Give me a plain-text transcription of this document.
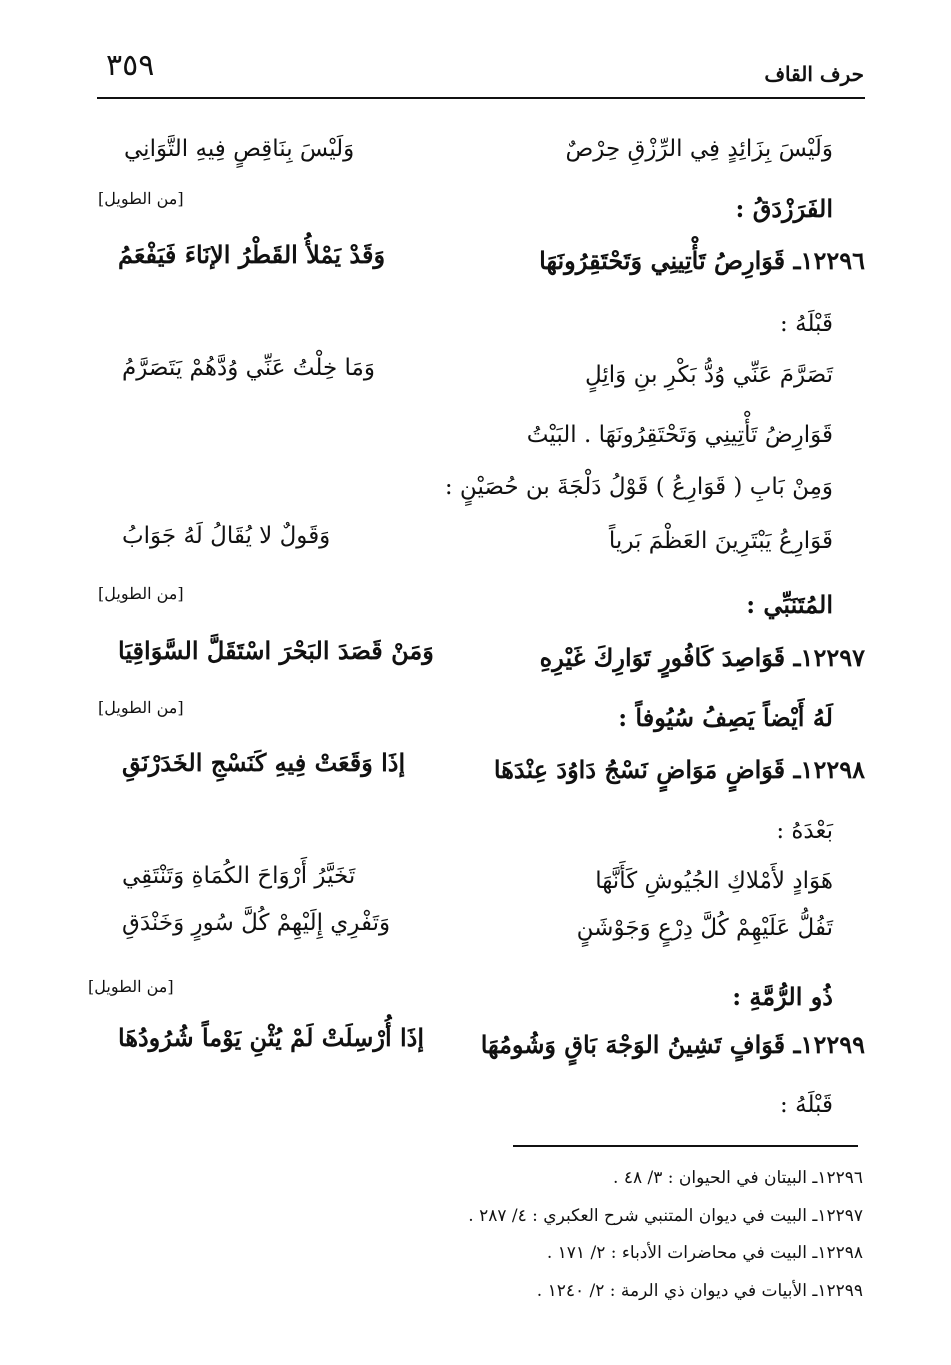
٣٥٩	حرف القاف
وَلَيْسَ بِزَائِدٍ فِي الرِّزْقِ حِرْصٌ
وَلَيْسَ بِنَاقِصٍ فِيهِ التَّوَانِي
الفَرَزْدَقُ :
[من الطويل]
١٢٢٩٦ـ قَوَارِصُ تَأْتِينِي وَتَحْتَقِرُونَهَا
وَقَدْ يَمْلأُ القَطْرُ الإنَاءَ فَيَفْعَمُ
قَبْلَهُ :
تَصَرَّمَ عَنِّي وُدُّ بَكْرِ بنِ وَائِلٍ
وَمَا خِلْتُ عَنِّي وُدَّهُمْ يَتَصَرَّمُ
قَوَارِضُ تَأْتِينِي وَتَحْتَقِرُونَهَا . البَيْتُ
وَمِنْ بَابِ ( قَوَارِعُ ) قَوْلُ دَلْجَةَ بن حُصَيْنٍ :
قَوَارِعُ يَبْتَرِينَ العَظْمَ بَرياً
وَقَولٌ لا يُقَالُ لَهُ جَوَابُ
المُتَنَبِّي :
[من الطويل]
١٢٢٩٧ـ قَوَاصِدَ كَافُورٍ تَوَارِكَ غَيْرِهِ
وَمَنْ قَصَدَ البَحْرَ اسْتَقَلَّ السَّوَاقِيَا
لَهُ أَيْضاً يَصِفُ سُيُوفاً :
[من الطويل]
١٢٢٩٨ـ قَوَاضٍ مَوَاضٍ نَسْجُ دَاوُدَ عِنْدَهَا
إذَا وَقَعَتْ فِيهِ كَنَسْجِ الخَدَرْنَقِ
بَعْدَهُ :
هَوَادٍ لأَمْلاكِ الجُيُوشِ كَأَنَّهَا
تَخَيَّرُ أَرْوَاحَ الكُمَاةِ وَتَنْتَقِي
تَفُلُّ عَلَيْهِمْ كُلَّ دِرْعٍ وَجَوْشَنٍ
وَتَفْرِي إِلَيْهِمْ كُلَّ سُورٍ وَخَنْدَقِ
ذُو الرُّمَّةِ :
[من الطويل]
١٢٢٩٩ـ قَوَافٍ تَشِينُ الوَجْهَ بَاقٍ وَشُومُهَا
إذَا أُرْسِلَتْ لَمْ يُثْنِ يَوْماً شُرُودُهَا
قَبْلَهُ :
١٢٢٩٦ـ البيتان في الحيوان : ٣/ ٤٨ .
١٢٢٩٧ـ البيت في ديوان المتنبي شرح العكبري : ٤/ ٢٨٧ .
١٢٢٩٨ـ البيت في محاضرات الأدباء : ٢/ ١٧١ .
١٢٢٩٩ـ الأبيات في ديوان ذي الرمة : ٢/ ١٢٤٠ .
